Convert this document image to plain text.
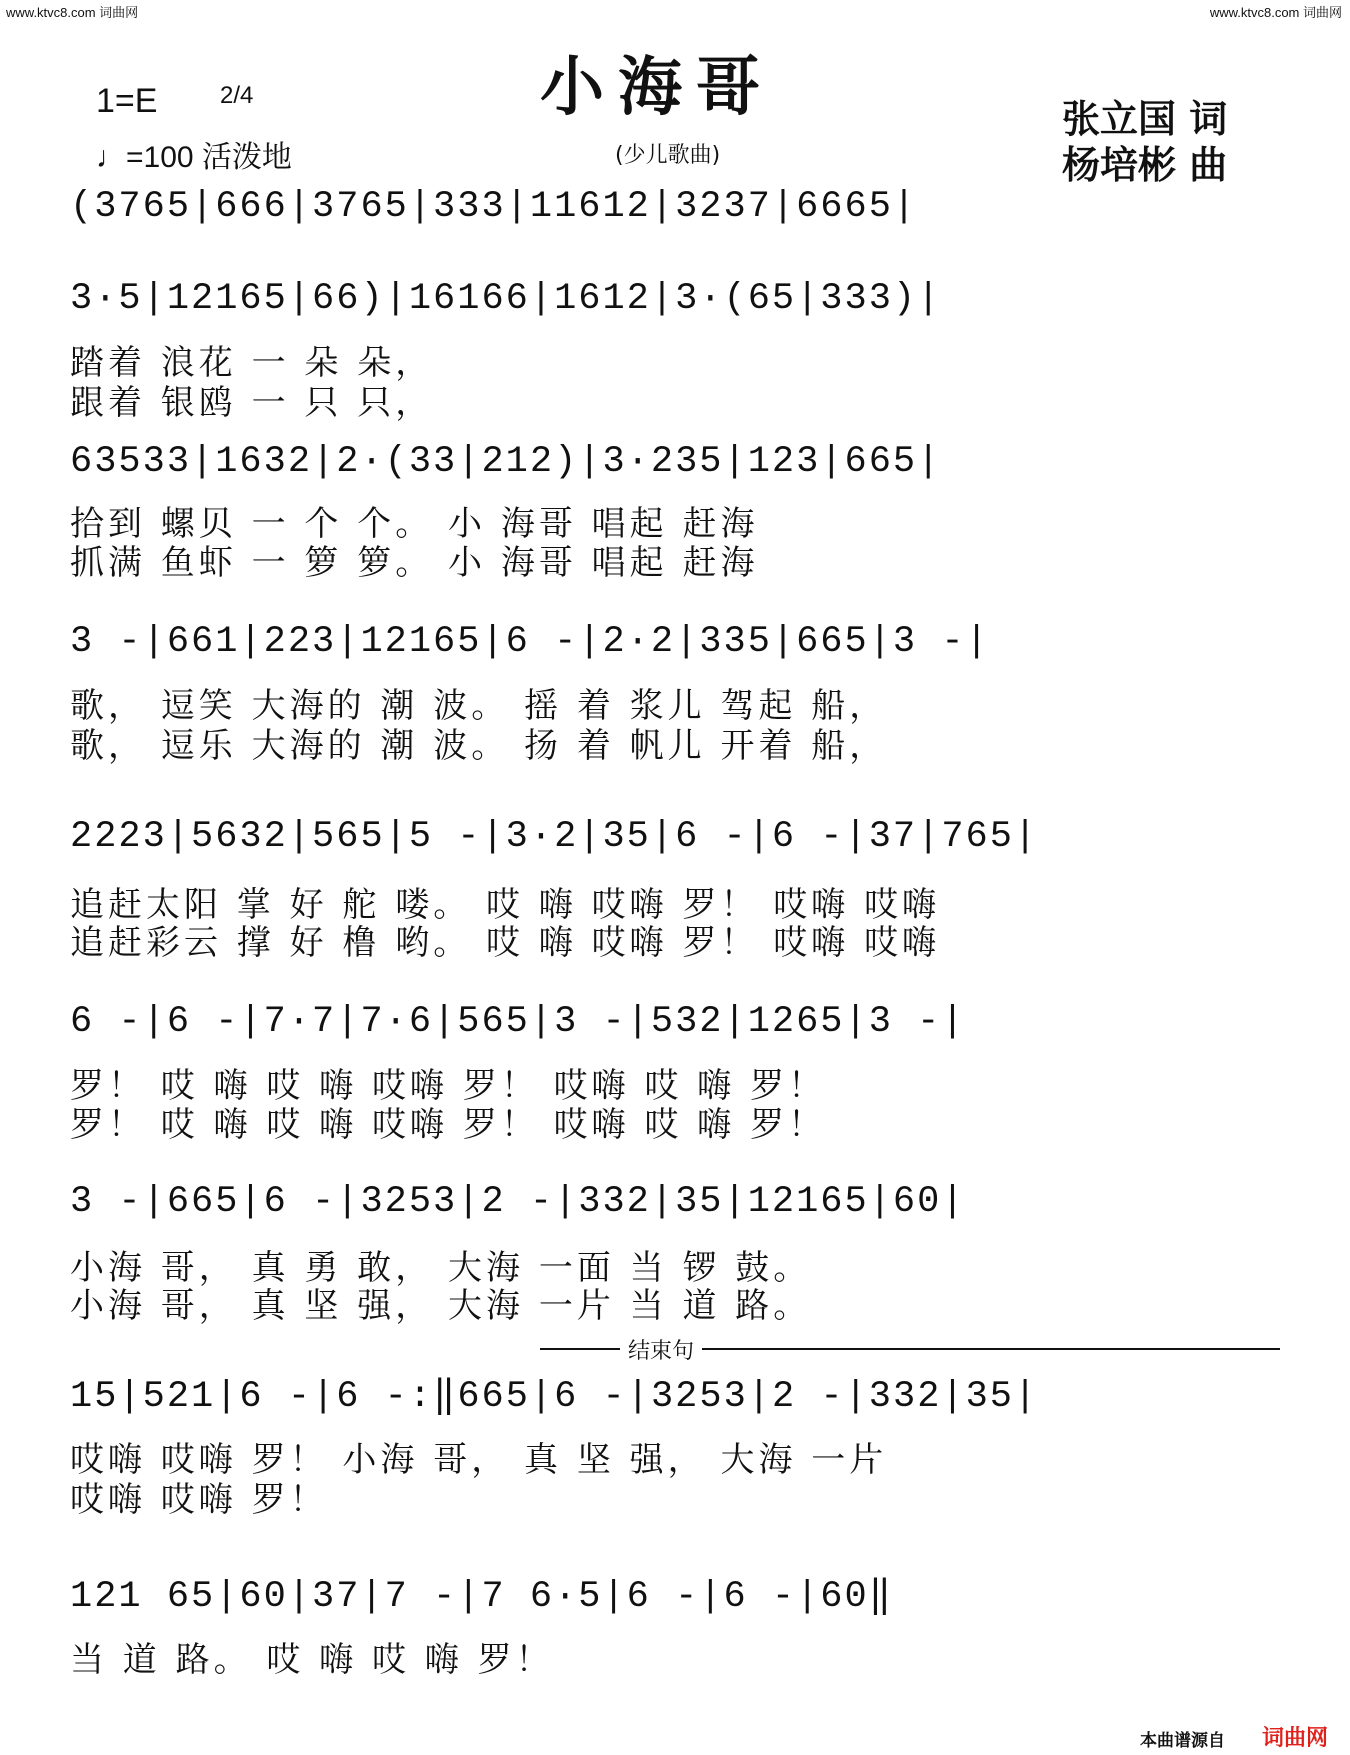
www.ktvc8.com 词曲网	www.ktvc8.com 词曲网
小海哥
1=E	2/4
♩=100 活泼地	(少儿歌曲)
张立国 词
杨培彬 曲
(3765|666|3765|333|11612|3237|6665|
3·5|12165|66)|16166|1612|3·(65|333)|
踏着 浪花 一 朵 朵，
跟着 银鸥 一 只 只，
63533|1632|2·(33|212)|3·235|123|665|
拾到 螺贝 一 个 个。 小 海哥 唱起 赶海
抓满 鱼虾 一 箩 箩。 小 海哥 唱起 赶海
3 -|661|223|12165|6 -|2·2|335|665|3 -|
歌， 逗笑 大海的 潮 波。 摇 着 浆儿 驾起 船，
歌， 逗乐 大海的 潮 波。 扬 着 帆儿 开着 船，
2223|5632|565|5 -|3·2|35|6 -|6 -|37|765|
追赶太阳 掌 好 舵 喽。 哎 嗨 哎嗨 罗！ 哎嗨 哎嗨
追赶彩云 撑 好 橹 哟。 哎 嗨 哎嗨 罗！ 哎嗨 哎嗨
6 -|6 -|7·7|7·6|565|3 -|532|1265|3 -|
罗！ 哎 嗨 哎 嗨 哎嗨 罗！ 哎嗨 哎 嗨 罗！
罗！ 哎 嗨 哎 嗨 哎嗨 罗！ 哎嗨 哎 嗨 罗！
3 -|665|6 -|3253|2 -|332|35|12165|60|
小海 哥， 真 勇 敢， 大海 一面 当 锣 鼓。
小海 哥， 真 坚 强， 大海 一片 当 道 路。
结束句
15|521|6 -|6 -:‖665|6 -|3253|2 -|332|35|
哎嗨 哎嗨 罗！ 小海 哥， 真 坚 强， 大海 一片
哎嗨 哎嗨 罗！
121 65|60|37|7 -|7 6·5|6 -|6 -|60‖
当 道 路。 哎 嗨 哎 嗨 罗！
本曲谱源自 词曲网
